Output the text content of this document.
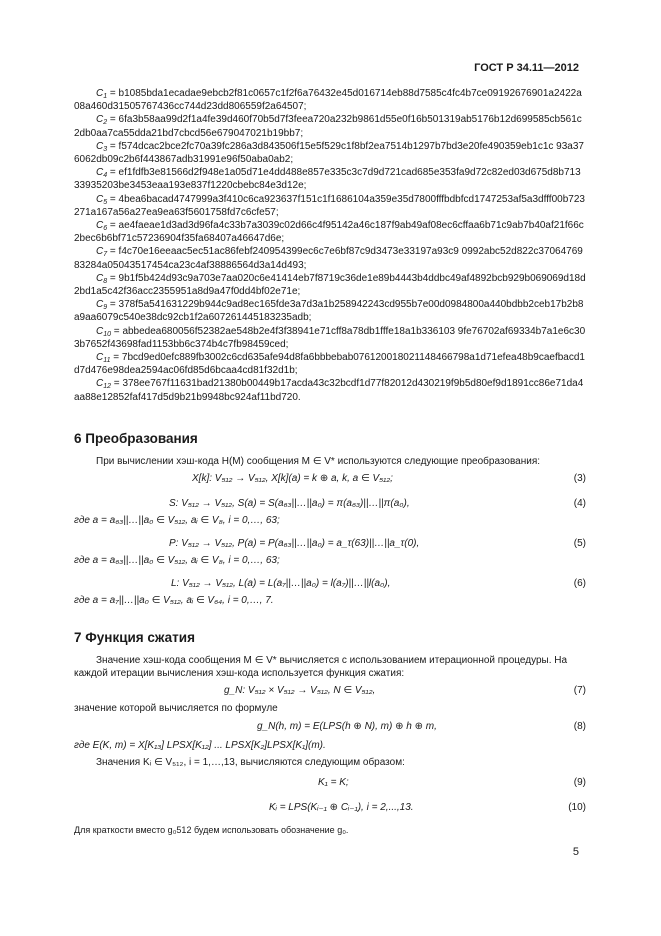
ГОСТ Р 34.11—2012

$C_1$ = b1085bda1ecadae9ebcb2f81c0657c1f2f6a76432e45d016714eb88d7585c4fc4b7ce09192676901a2422a08a460d31505767436cc744d23dd806559f2a64507;

$C_2$ = 6fa3b58aa99d2f1a4fe39d460f70b5d7f3feea720a232b9861d55e0f16b501319ab5176b12d699585cb561c2db0aa7ca55dda21bd7cbcd56e679047021b19bb7;

$C_3$ = f574dcac2bce2fc70a39fc286a3d843506f15e5f529c1f8bf2ea7514b1297b7bd3e20fe490359eb1c1c 93a376062db09c2b6f443867adb31991e96f50aba0ab2;

$C_4$ = ef1fdfb3e81566d2f948e1a05d71e4dd488e857e335c3c7d9d721cad685e353fa9d72c82ed03d675d8b71333935203be3453eaa193e837f1220cbebc84e3d12e;

$C_5$ = 4bea6bacad4747999a3f410c6ca923637f151c1f1686104a359e35d7800fffbdbfcd1747253af5a3dfff00b723271a167a56a27ea9ea63f5601758fd7c6cfe57;

$C_6$ = ae4faeae1d3ad3d96fa4c33b7a3039c02d66c4f95142a46c187f9ab49af08ec6cffaa6b71c9ab7b40af21f66c2bec6b6bf71c57236904f35fa68407a46647d6e;

$C_7$ = f4c70e16eeaac5ec51ac86febf240954399ec6c7e6bf87c9d3473e33197a93c9 0992abc52d822c3706476983284a05043517454ca23c4af38886564d3a14d493;

$C_8$ = 9b1f5b424d93c9a703e7aa020c6e41414eb7f8719c36de1e89b4443b4ddbc49af4892bcb929b069069d18d2bd1a5c42f36acc2355951a8d9a47f0dd4bf02e71e;

$C_9$ = 378f5a541631229b944c9ad8ec165fde3a7d3a1b258942243cd955b7e00d0984800a440bdbb2ceb17b2b8a9aa6079c540e38dc92cb1f2a607261445183235adb;

$C_{10}$ = abbedea680056f52382ae548b2e4f3f38941e71cff8a78db1fffe18a1b336103 9fe76702af69334b7a1e6c303b7652f43698fad1153bb6c374b4c7fb98459ced;

$C_{11}$ = 7bcd9ed0efc889fb3002c6cd635afe94d8fa6bbbebab076120018021148466798a1d71efea48b9caefbacd1d7d476e98dea2594ac06fd85d6bcaa4cd81f32d1b;

$C_{12}$ = 378ee767f11631bad21380b00449b17acda43c32bcdf1d77f82012d430219f9b5d80ef9d1891cc86e71da4aa88e12852faf417d5d9b21b9948bc924af11bd720.

6 Преобразования

При вычислении хэш-кода H(M) сообщения M ∈ V* используются следующие преобразования:

X[k]: V₅₁₂ → V₅₁₂, X[k](a) = k ⊕ a, k, a ∈ V₅₁₂;	(3)
S: V₅₁₂ → V₅₁₂, S(a) = S(a₆₃||…||a₀) = π(a₆₃)||…||π(a₀),	(4)
где a = a₆₃||…||a₀ ∈ V₅₁₂, aᵢ ∈ V₈, i = 0,…, 63;
P: V₅₁₂ → V₅₁₂, P(a) = P(a₆₃||…||a₀) = a_τ(63)||…||a_τ(0),	(5)
где a = a₆₃||…||a₀ ∈ V₅₁₂, aᵢ ∈ V₈, i = 0,…, 63;
L: V₅₁₂ → V₅₁₂, L(a) = L(a₇||…||a₀) = l(a₇)||…||l(a₀),	(6)
где a = a₇||…||a₀ ∈ V₅₁₂, aᵢ ∈ V₆₄, i = 0,…, 7.
7 Функция сжатия

Значение хэш-кода сообщения M ∈ V* вычисляется с использованием итерационной процедуры. На каждой итерации вычисления хэш-кода используется функция сжатия:

g_N: V₅₁₂ × V₅₁₂ → V₅₁₂, N ∈ V₅₁₂,	(7)
значение которой вычисляется по формуле
g_N(h, m) = E(LPS(h ⊕ N), m) ⊕ h ⊕ m,	(8)
где E(K, m) = X[K₁₃] LPSX[K₁₂] ... LPSX[K₂]LPSX[K₁](m).
Значения Kᵢ ∈ V₅₁₂, i = 1,…,13, вычисляются следующим образом:
K₁ = K;	(9)
Kᵢ = LPS(Kᵢ₋₁ ⊕ Cᵢ₋₁), i = 2,...,13.	(10)
Для краткости вместо g₀512 будем использовать обозначение g₀.
5
